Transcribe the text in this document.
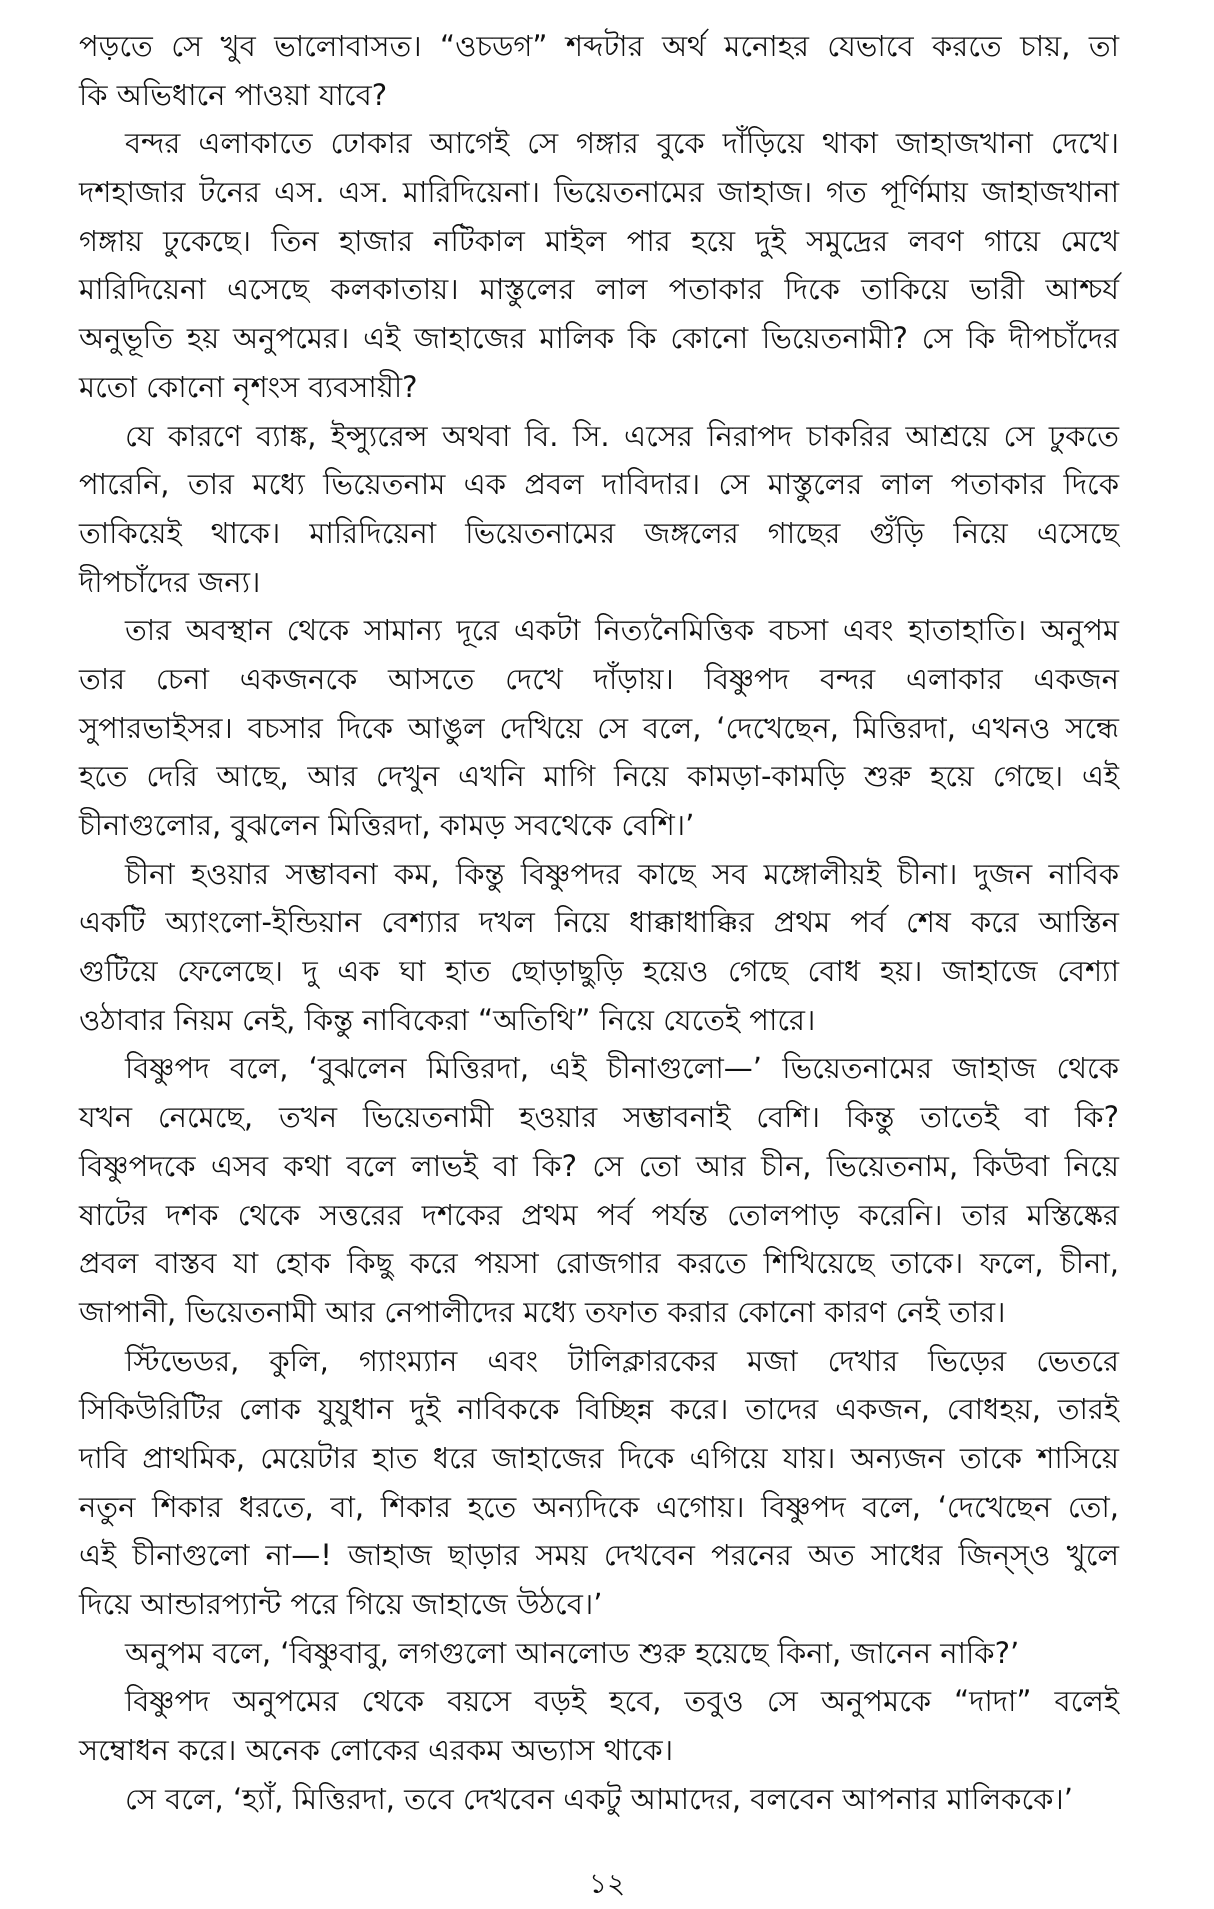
পড়তে সে খুব ভালোবাসত। “ওচডগ” শব্দটার অর্থ মনোহর যেভাবে করতে চায়, তা
কি অভিধানে পাওয়া যাবে?
বন্দর এলাকাতে ঢোকার আগেই সে গঙ্গার বুকে দাঁড়িয়ে থাকা জাহাজখানা দেখে।
দশহাজার টনের এস. এস. মারিদিয়েনা। ভিয়েতনামের জাহাজ। গত পূর্ণিমায় জাহাজখানা
গঙ্গায় ঢুকেছে। তিন হাজার নটিকাল মাইল পার হয়ে দুই সমুদ্রের লবণ গায়ে মেখে
মারিদিয়েনা এসেছে কলকাতায়। মাস্তুলের লাল পতাকার দিকে তাকিয়ে ভারী আশ্চর্য
অনুভূতি হয় অনুপমের। এই জাহাজের মালিক কি কোনো ভিয়েতনামী? সে কি দীপচাঁদের
মতো কোনো নৃশংস ব্যবসায়ী?
যে কারণে ব্যাঙ্ক, ইন্স্যুরেন্স অথবা বি. সি. এসের নিরাপদ চাকরির আশ্রয়ে সে ঢুকতে
পারেনি, তার মধ্যে ভিয়েতনাম এক প্রবল দাবিদার। সে মাস্তুলের লাল পতাকার দিকে
তাকিয়েই থাকে। মারিদিয়েনা ভিয়েতনামের জঙ্গলের গাছের গুঁড়ি নিয়ে এসেছে
দীপচাঁদের জন্য।
তার অবস্থান থেকে সামান্য দূরে একটা নিত্যনৈমিত্তিক বচসা এবং হাতাহাতি। অনুপম
তার চেনা একজনকে আসতে দেখে দাঁড়ায়। বিষ্ণুপদ বন্দর এলাকার একজন
সুপারভাইসর। বচসার দিকে আঙুল দেখিয়ে সে বলে, ‘দেখেছেন, মিত্তিরদা, এখনও সন্ধে
হতে দেরি আছে, আর দেখুন এখনি মাগি নিয়ে কামড়া-কামড়ি শুরু হয়ে গেছে। এই
চীনাগুলোর, বুঝলেন মিত্তিরদা, কামড় সবথেকে বেশি।’
চীনা হওয়ার সম্ভাবনা কম, কিন্তু বিষ্ণুপদর কাছে সব মঙ্গোলীয়ই চীনা। দুজন নাবিক
একটি অ্যাংলো-ইন্ডিয়ান বেশ্যার দখল নিয়ে ধাক্কাধাক্কির প্রথম পর্ব শেষ করে আস্তিন
গুটিয়ে ফেলেছে। দু এক ঘা হাত ছোড়াছুড়ি হয়েও গেছে বোধ হয়। জাহাজে বেশ্যা
ওঠাবার নিয়ম নেই, কিন্তু নাবিকেরা “অতিথি” নিয়ে যেতেই পারে।
বিষ্ণুপদ বলে, ‘বুঝলেন মিত্তিরদা, এই চীনাগুলো—’ ভিয়েতনামের জাহাজ থেকে
যখন নেমেছে, তখন ভিয়েতনামী হওয়ার সম্ভাবনাই বেশি। কিন্তু তাতেই বা কি?
বিষ্ণুপদকে এসব কথা বলে লাভই বা কি? সে তো আর চীন, ভিয়েতনাম, কিউবা নিয়ে
ষাটের দশক থেকে সত্তরের দশকের প্রথম পর্ব পর্যন্ত তোলপাড় করেনি। তার মস্তিষ্কের
প্রবল বাস্তব যা হোক কিছু করে পয়সা রোজগার করতে শিখিয়েছে তাকে। ফলে, চীনা,
জাপানী, ভিয়েতনামী আর নেপালীদের মধ্যে তফাত করার কোনো কারণ নেই তার।
স্টিভেডর, কুলি, গ্যাংম্যান এবং টালিক্লারকের মজা দেখার ভিড়ের ভেতরে
সিকিউরিটির লোক যুযুধান দুই নাবিককে বিচ্ছিন্ন করে। তাদের একজন, বোধহয়, তারই
দাবি প্রাথমিক, মেয়েটার হাত ধরে জাহাজের দিকে এগিয়ে যায়। অন্যজন তাকে শাসিয়ে
নতুন শিকার ধরতে, বা, শিকার হতে অন্যদিকে এগোয়। বিষ্ণুপদ বলে, ‘দেখেছেন তো,
এই চীনাগুলো না—! জাহাজ ছাড়ার সময় দেখবেন পরনের অত সাধের জিন্স্‌ও খুলে
দিয়ে আন্ডারপ্যান্ট পরে গিয়ে জাহাজে উঠবে।’
অনুপম বলে, ‘বিষ্ণুবাবু, লগগুলো আনলোড শুরু হয়েছে কিনা, জানেন নাকি?’
বিষ্ণুপদ অনুপমের থেকে বয়সে বড়ই হবে, তবুও সে অনুপমকে “দাদা” বলেই
সম্বোধন করে। অনেক লোকের এরকম অভ্যাস থাকে।
সে বলে, ‘হ্যাঁ, মিত্তিরদা, তবে দেখবেন একটু আমাদের, বলবেন আপনার মালিককে।’
১২
